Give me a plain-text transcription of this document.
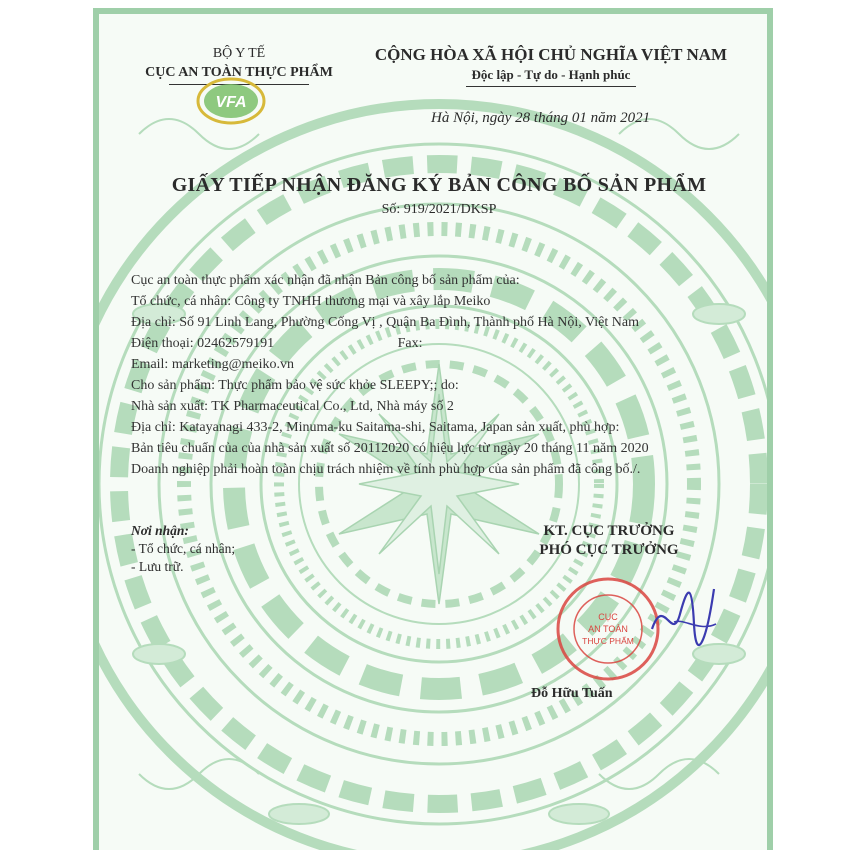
BỘ Y TẾ
CỤC AN TOÀN THỰC PHẨM
VFA
CỘNG HÒA XÃ HỘI CHỦ NGHĨA VIỆT NAM
Độc lập - Tự do - Hạnh phúc
Hà Nội, ngày 28 tháng 01 năm 2021
GIẤY TIẾP NHẬN ĐĂNG KÝ BẢN CÔNG BỐ SẢN PHẨM
Số: 919/2021/DKSP
Cục an toàn thực phẩm xác nhận đã nhận Bản công bố sản phẩm của:
Tổ chức, cá nhân: Công ty TNHH thương mại và xây lắp Meiko
Địa chỉ: Số 91 Linh Lang, Phường Cống Vị , Quận Ba Đình, Thành phố Hà Nội, Việt Nam
Điện thoại: 02462579191	Fax:
Email: marketing@meiko.vn
Cho sản phẩm: Thực phẩm bảo vệ sức khỏe SLEEPY;; do:
Nhà sản xuất: TK Pharmaceutical Co., Ltd, Nhà máy số 2
Địa chỉ: Katayanagi 433-2, Minuma-ku Saitama-shi, Saitama, Japan sản xuất, phù hợp:
Bản tiêu chuẩn của của nhà sản xuất số 20112020 có hiệu lực từ ngày 20 tháng 11 năm 2020
Doanh nghiệp phải hoàn toàn chịu trách nhiệm về tính phù hợp của sản phẩm đã công bố./.
Nơi nhận:
- Tổ chức, cá nhân;
- Lưu trữ.
KT. CỤC TRƯỞNG
PHÓ CỤC TRƯỞNG
CỤC
AN TOÀN
THỰC PHẨM
Đỗ Hữu Tuấn
